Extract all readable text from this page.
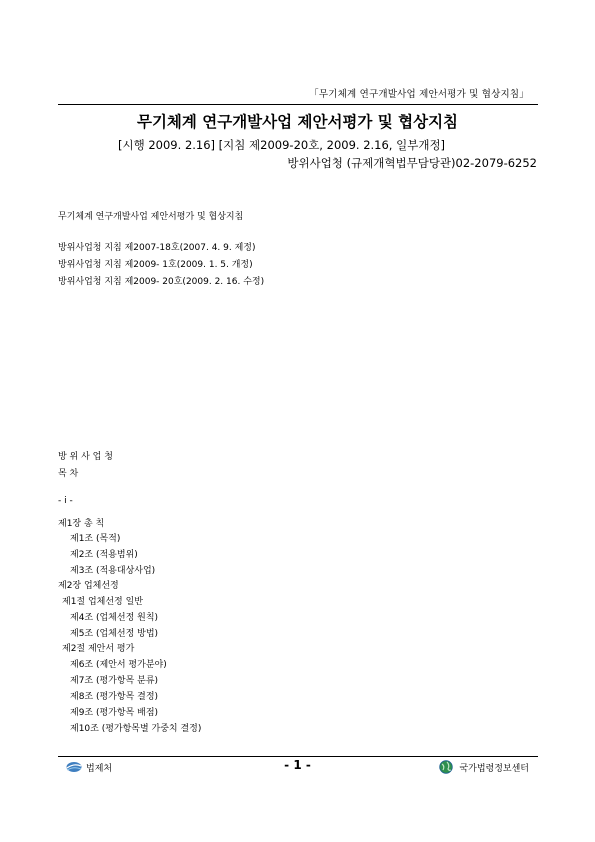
「무기체계 연구개발사업 제안서평가 및 협상지침」
무기체계 연구개발사업 제안서평가 및 협상지침
[시행 2009. 2.16] [지침 제2009-20호, 2009. 2.16, 일부개정]
방위사업청 (규제개혁법무담당관)02-2079-6252
무기체계 연구개발사업 제안서평가 및 협상지침
방위사업청 지침 제2007-18호(2007. 4. 9. 제정)
방위사업청 지침 제2009- 1호(2009. 1. 5. 개정)
방위사업청 지침 제2009- 20호(2009. 2. 16. 수정)
방 위 사 업 청
목 차
- ⅰ -
제1장 총 칙
제1조 (목적)
제2조 (적용범위)
제3조 (적용대상사업)
제2장 업체선정
제1절 업체선정 일반
제4조 (업체선정 원칙)
제5조 (업체선정 방법)
제2절 제안서 평가
제6조 (제안서 평가분야)
제7조 (평가항목 분류)
제8조 (평가항목 결정)
제9조 (평가항목 배점)
제10조 (평가항목별 가중치 결정)
법제처	- 1 -	국가법령정보센터
